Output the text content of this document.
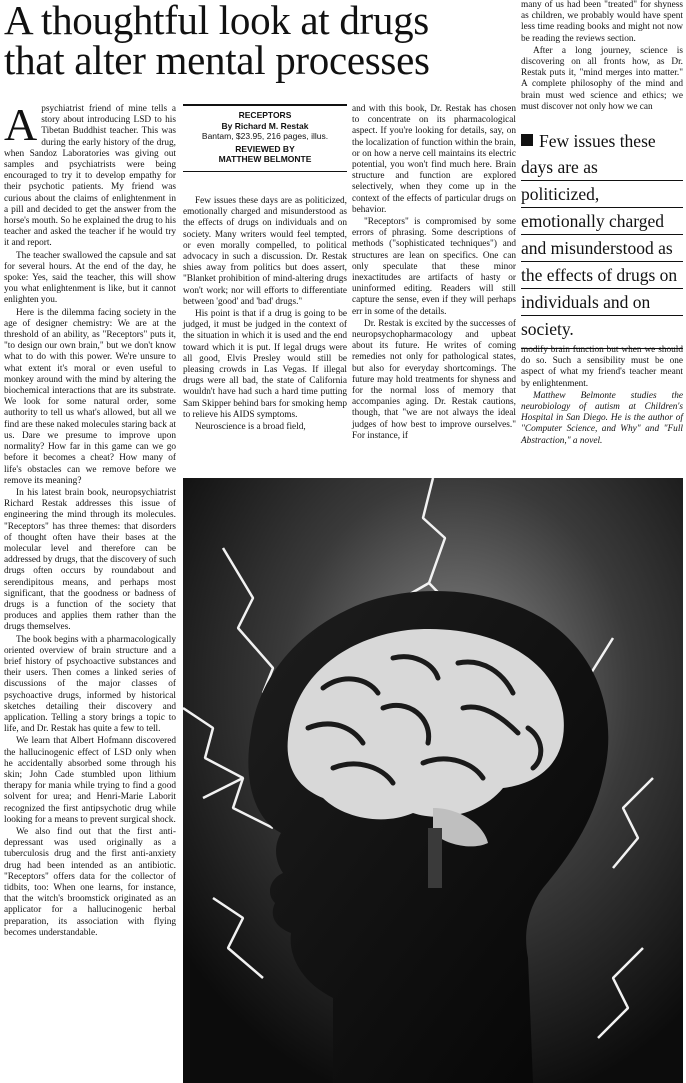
A thoughtful look at drugs that alter mental processes

Apsychiatrist friend of mine tells a story about introducing LSD to his Tibetan Buddhist teacher. This was during the early history of the drug, when Sandoz Laboratories was giving out samples and psychiatrists were being encouraged to try it to develop empathy for their psychotic patients. My friend was curious about the claims of enlightenment in a pill and decided to get the answer from the horse's mouth. So he explained the drug to his teacher and asked the teacher if he would try it and report.

The teacher swallowed the capsule and sat for several hours. At the end of the day, he spoke: Yes, said the teacher, this will show you what enlightenment is like, but it cannot enlighten you.

Here is the dilemma facing society in the age of designer chemistry: We are at the threshold of an ability, as "Receptors" puts it, "to design our own brain," but we don't know what to do with this power. We're unsure to what extent it's moral or even useful to monkey around with the mind by altering the biochemical interactions that are its substrate. We look for some natural order, some authority to tell us what's allowed, but all we find are these naked molecules staring back at us. Dare we presume to improve upon normality? How far in this game can we go before it becomes a cheat? How many of life's obstacles can we remove before we remove its meaning?

In his latest brain book, neuropsychiatrist Richard Restak addresses this issue of engineering the mind through its molecules. "Receptors" has three themes: that disorders of thought often have their bases at the molecular level and therefore can be addressed by drugs, that the discovery of such drugs often occurs by roundabout and serendipitous means, and perhaps most significant, that the goodness or badness of drugs is a function of the society that produces and applies them rather than the drugs themselves.

The book begins with a pharmacologically oriented overview of brain structure and a brief history of psychoactive substances and their users. Then comes a linked series of discussions of the major classes of psychoactive drugs, informed by historical sketches detailing their discovery and application. Telling a story brings a topic to life, and Dr. Restak has quite a few to tell.

We learn that Albert Hofmann discovered the hallucinogenic effect of LSD only when he accidentally absorbed some through his skin; John Cade stumbled upon lithium therapy for mania while trying to find a good solvent for urea; and Henri-Marie Laborit recognized the first antipsychotic drug while looking for a means to prevent surgical shock.

We also find out that the first anti-depressant was used originally as a tuberculosis drug and the first anti-anxiety drug had been intended as an antibiotic. "Receptors" offers data for the collector of tidbits, too: When one learns, for instance, that the witch's broomstick originated as an applicator for a hallucinogenic herbal preparation, its association with flying becomes understandable.

RECEPTORS
By Richard M. Restak
Bantam, $23.95, 216 pages, illus.
REVIEWED BY
MATTHEW BELMONTE

Few issues these days are as politicized, emotionally charged and misunderstood as the effects of drugs on individuals and on society. Many writers would feel tempted, or even morally compelled, to political advocacy in such a discussion. Dr. Restak shies away from politics but does assert, "Blanket prohibition of mind-altering drugs won't work; nor will efforts to differentiate between 'good' and 'bad' drugs."

His point is that if a drug is going to be judged, it must be judged in the context of the situation in which it is used and the end toward which it is put. If legal drugs were all good, Elvis Presley would still be pleasing crowds in Las Vegas. If illegal drugs were all bad, the state of California wouldn't have had such a hard time putting Sam Skipper behind bars for smoking hemp to relieve his AIDS symptoms.

Neuroscience is a broad field,

and with this book, Dr. Restak has chosen to concentrate on its pharmacological aspect. If you're looking for details, say, on the localization of function within the brain, or on how a nerve cell maintains its electric potential, you won't find much here. Brain structure and function are explored selectively, when they come up in the context of the effects of particular drugs on behavior.

"Receptors" is compromised by some errors of phrasing. Some descriptions of methods ("sophisticated techniques") and structures are lean on specifics. One can only speculate that these minor inexactitudes are artifacts of hasty or uninformed editing. Readers will still capture the sense, even if they will perhaps err in some of the details.

Dr. Restak is excited by the successes of neuropsychopharmacology and upbeat about its future. He writes of coming remedies not only for pathological states, but also for everyday shortcomings. The future may hold treatments for shyness and for the normal loss of memory that accompanies aging. Dr. Restak cautions, though, that "we are not always the ideal judges of how best to improve ourselves." For instance, if

many of us had been "treated" for shyness as children, we probably would have spent less time reading books and might not now be reading the reviews section.

After a long journey, science is discovering on all fronts how, as Dr. Restak puts it, "mind merges into matter." A complete philosophy of the mind and brain must wed science and ethics; we must discover not only how we can

Few issues these
days are as
politicized,
emotionally charged
and misunderstood as
the effects of drugs on
individuals and on
society.

modify brain function but when we should do so. Such a sensibility must be one aspect of what my friend's teacher meant by enlightenment.

Matthew Belmonte studies the neurobiology of autism at Children's Hospital in San Diego. He is the author of "Computer Science, and Why" and "Full Abstraction," a novel.
